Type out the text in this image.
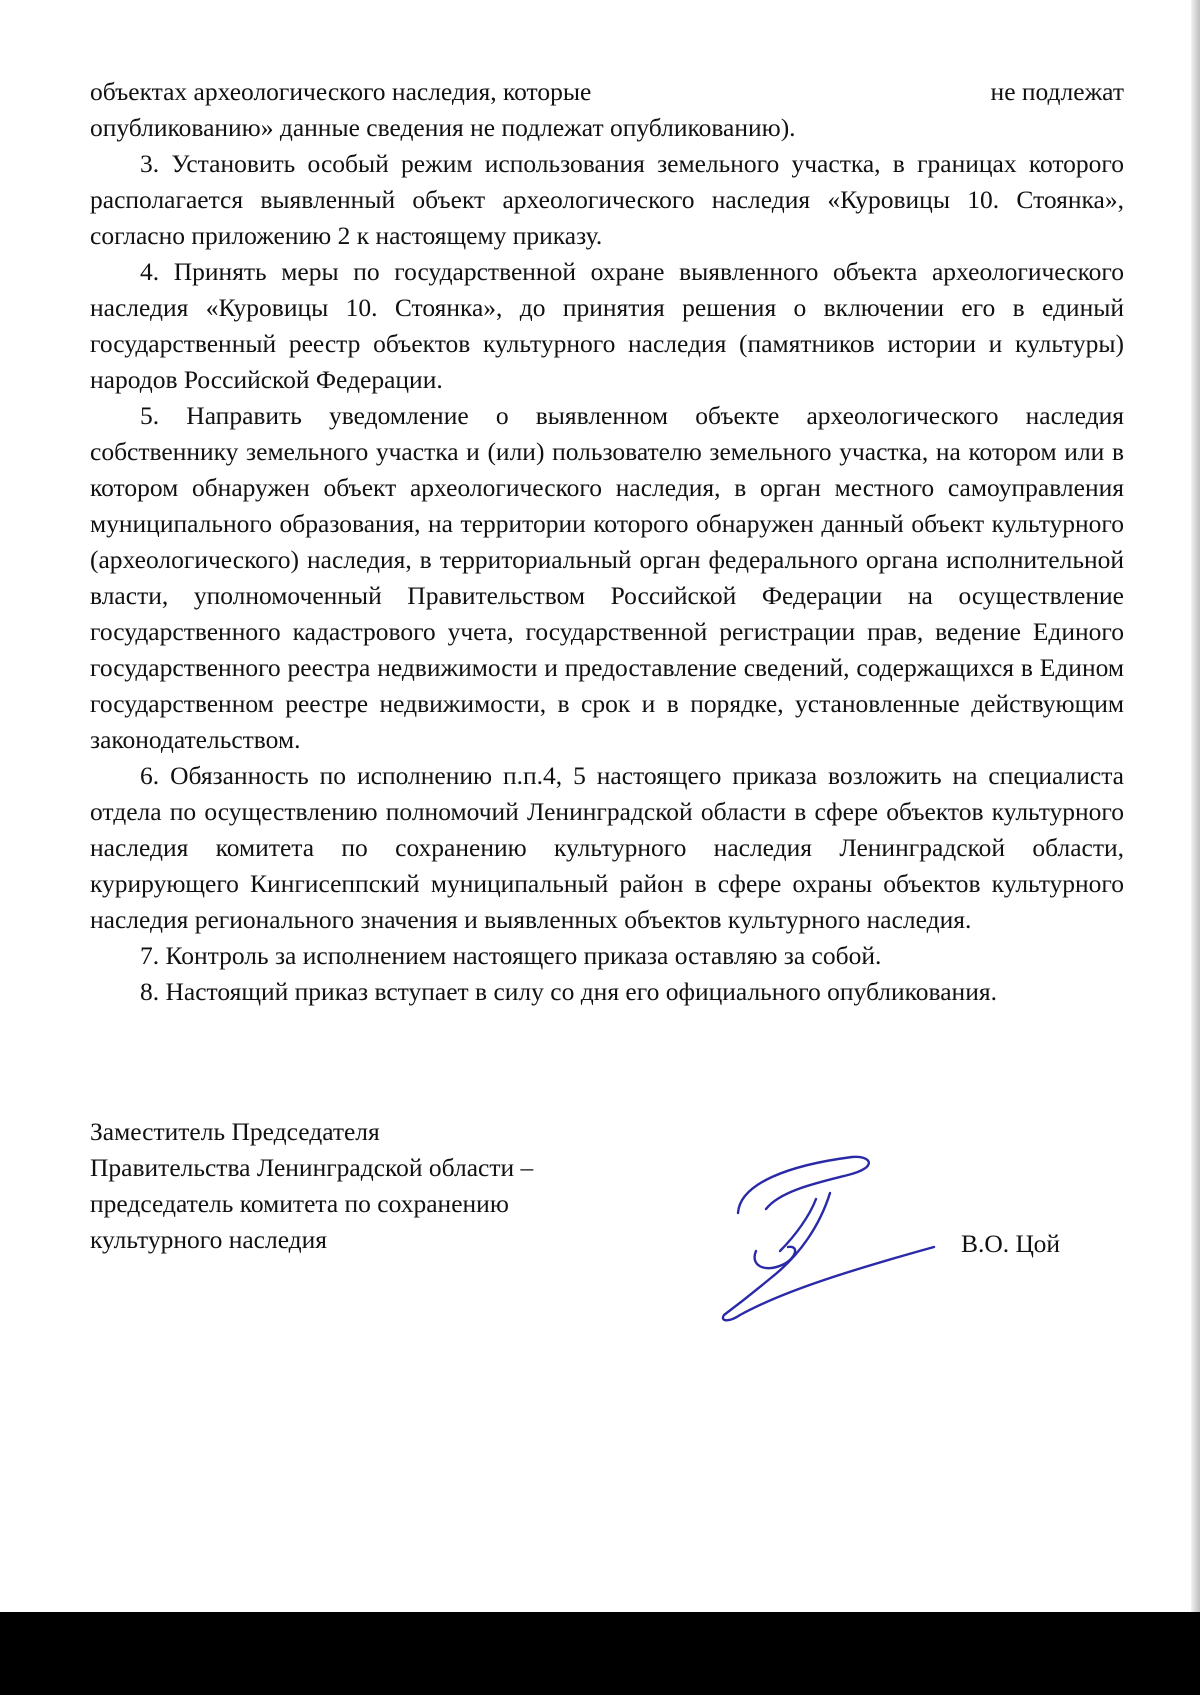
объектах археологического наследия, которые	не подлежат

опубликованию» данные сведения не подлежат опубликованию).

3. Установить особый режим использования земельного участка, в границах которого располагается выявленный объект археологического наследия «Куровицы 10. Стоянка», согласно приложению 2 к настоящему приказу.

4. Принять меры по государственной охране выявленного объекта археологического наследия «Куровицы 10. Стоянка», до принятия решения о включении его в единый государственный реестр объектов культурного наследия (памятников истории и культуры) народов Российской Федерации.

5. Направить уведомление о выявленном объекте археологического наследия собственнику земельного участка и (или) пользователю земельного участка, на котором или в котором обнаружен объект археологического наследия, в орган местного самоуправления муниципального образования, на территории которого обнаружен данный объект культурного (археологического) наследия, в территориальный орган федерального органа исполнительной власти, уполномоченный Правительством Российской Федерации на осуществление государственного кадастрового учета, государственной регистрации прав, ведение Единого государственного реестра недвижимости и предоставление сведений, содержащихся в Едином государственном реестре недвижимости, в срок и в порядке, установленные действующим законодательством.

6. Обязанность по исполнению п.п.4, 5 настоящего приказа возложить на специалиста отдела по осуществлению полномочий Ленинградской области в сфере объектов культурного наследия комитета по сохранению культурного наследия Ленинградской области, курирующего Кингисеппский муниципальный район в сфере охраны объектов культурного наследия регионального значения и выявленных объектов культурного наследия.

7. Контроль за исполнением настоящего приказа оставляю за собой.

8. Настоящий приказ вступает в силу со дня его официального опубликования.

Заместитель Председателя
Правительства Ленинградской области –
председатель комитета по сохранению
культурного наследия	В.О. Цой
